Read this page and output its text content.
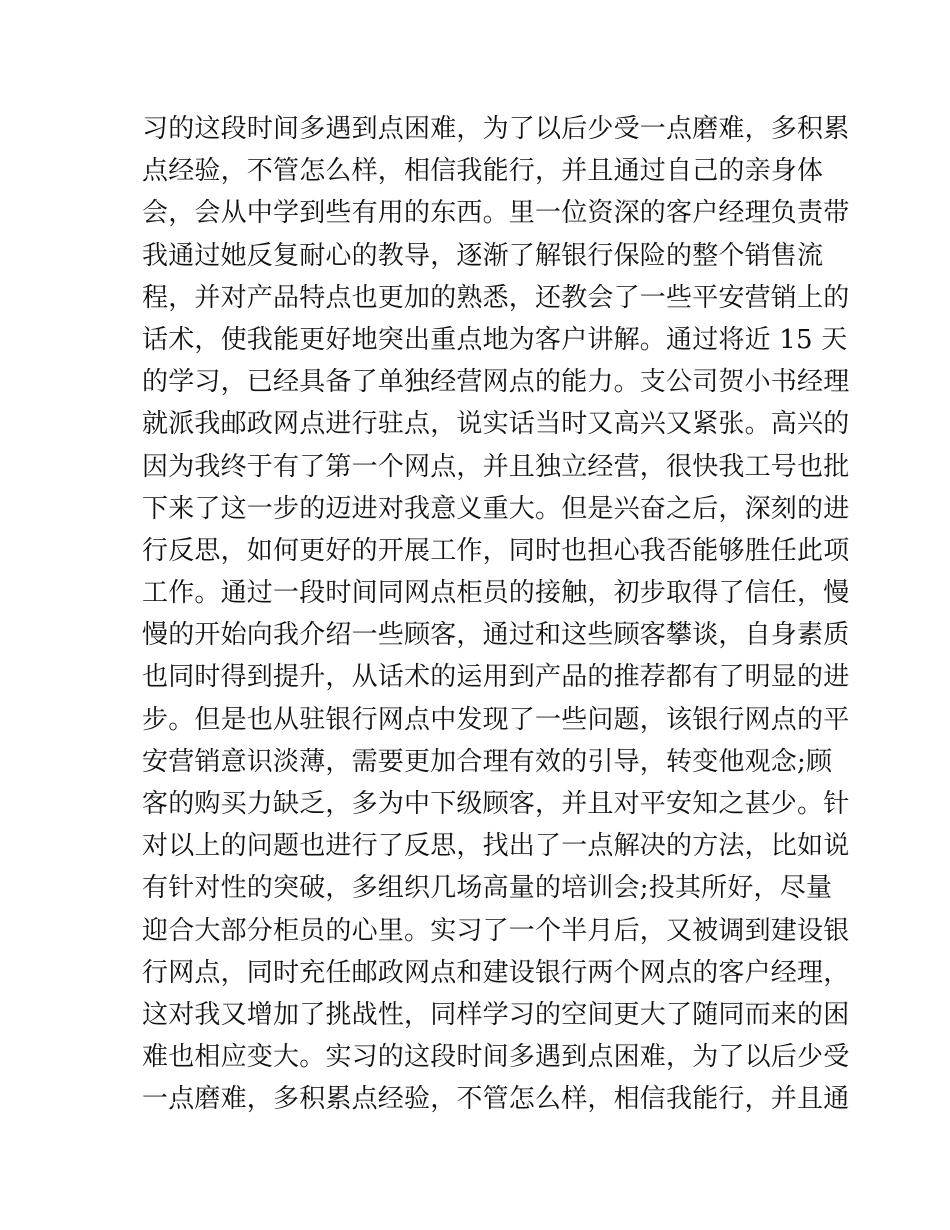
习的这段时间多遇到点困难，为了以后少受一点磨难，多积累
点经验，不管怎么样，相信我能行，并且通过自己的亲身体
会，会从中学到些有用的东西。里一位资深的客户经理负责带
我通过她反复耐心的教导，逐渐了解银行保险的整个销售流
程，并对产品特点也更加的熟悉，还教会了一些平安营销上的
话术，使我能更好地突出重点地为客户讲解。通过将近 15 天
的学习，已经具备了单独经营网点的能力。支公司贺小书经理
就派我邮政网点进行驻点，说实话当时又高兴又紧张。高兴的
因为我终于有了第一个网点，并且独立经营，很快我工号也批
下来了这一步的迈进对我意义重大。但是兴奋之后，深刻的进
行反思，如何更好的开展工作，同时也担心我否能够胜任此项
工作。通过一段时间同网点柜员的接触，初步取得了信任，慢
慢的开始向我介绍一些顾客，通过和这些顾客攀谈，自身素质
也同时得到提升，从话术的运用到产品的推荐都有了明显的进
步。但是也从驻银行网点中发现了一些问题，该银行网点的平
安营销意识淡薄，需要更加合理有效的引导，转变他观念;顾
客的购买力缺乏，多为中下级顾客，并且对平安知之甚少。针
对以上的问题也进行了反思，找出了一点解决的方法，比如说
有针对性的突破，多组织几场高量的培训会;投其所好，尽量
迎合大部分柜员的心里。实习了一个半月后，又被调到建设银
行网点，同时充任邮政网点和建设银行两个网点的客户经理，
这对我又增加了挑战性，同样学习的空间更大了随同而来的困
难也相应变大。实习的这段时间多遇到点困难，为了以后少受
一点磨难，多积累点经验，不管怎么样，相信我能行，并且通
